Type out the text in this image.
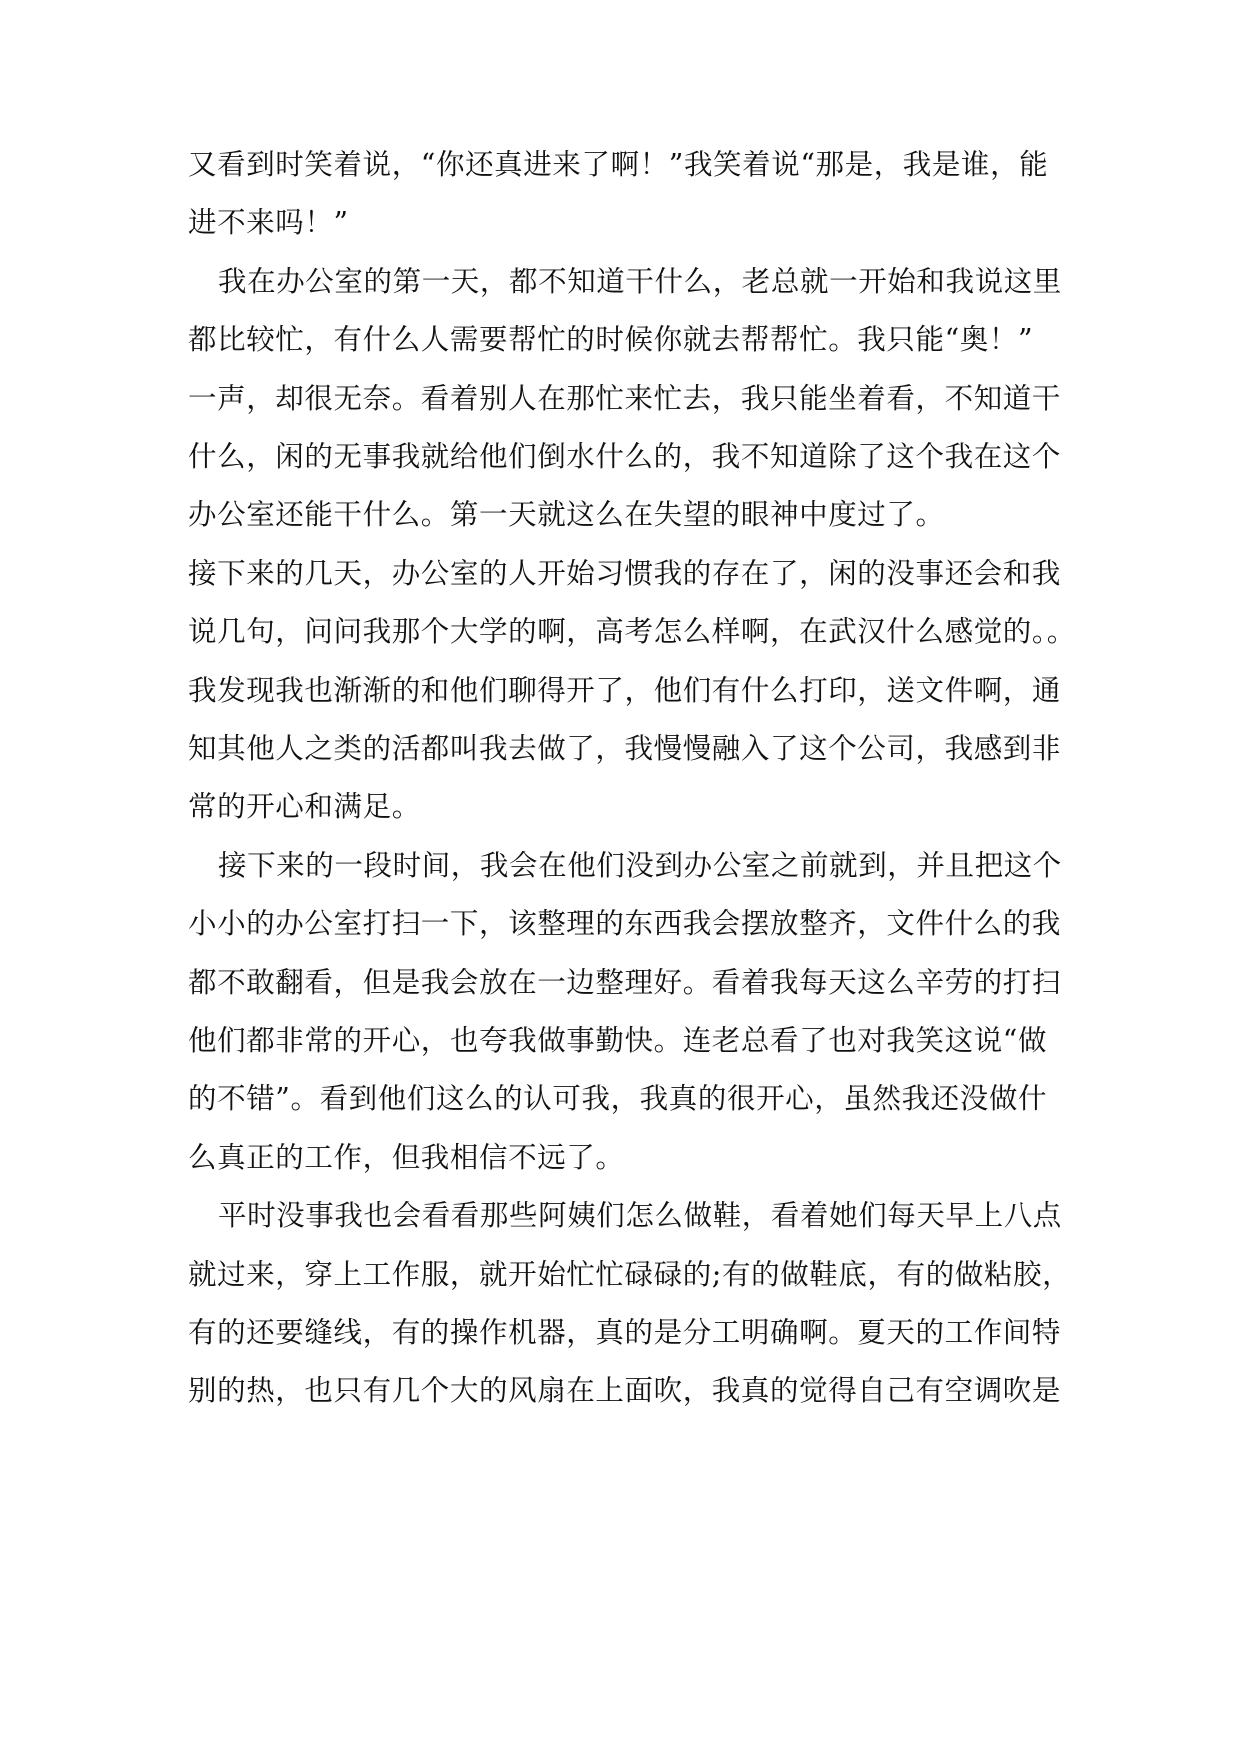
又看到时笑着说，“你还真进来了啊！”我笑着说“那是，我是谁，能

进不来吗！”

我在办公室的第一天，都不知道干什么，老总就一开始和我说这里

都比较忙，有什么人需要帮忙的时候你就去帮帮忙。我只能“奥！”

一声，却很无奈。看着别人在那忙来忙去，我只能坐着看，不知道干

什么，闲的无事我就给他们倒水什么的，我不知道除了这个我在这个

办公室还能干什么。第一天就这么在失望的眼神中度过了。

接下来的几天，办公室的人开始习惯我的存在了，闲的没事还会和我

说几句，问问我那个大学的啊，高考怎么样啊，在武汉什么感觉的。。

我发现我也渐渐的和他们聊得开了，他们有什么打印，送文件啊，通

知其他人之类的活都叫我去做了，我慢慢融入了这个公司，我感到非

常的开心和满足。

接下来的一段时间，我会在他们没到办公室之前就到，并且把这个

小小的办公室打扫一下，该整理的东西我会摆放整齐，文件什么的我

都不敢翻看，但是我会放在一边整理好。看着我每天这么辛劳的打扫

他们都非常的开心，也夸我做事勤快。连老总看了也对我笑这说“做

的不错”。看到他们这么的认可我，我真的很开心，虽然我还没做什

么真正的工作，但我相信不远了。

平时没事我也会看看那些阿姨们怎么做鞋，看着她们每天早上八点

就过来，穿上工作服，就开始忙忙碌碌的;有的做鞋底，有的做粘胶，

有的还要缝线，有的操作机器，真的是分工明确啊。夏天的工作间特

别的热，也只有几个大的风扇在上面吹，我真的觉得自己有空调吹是
